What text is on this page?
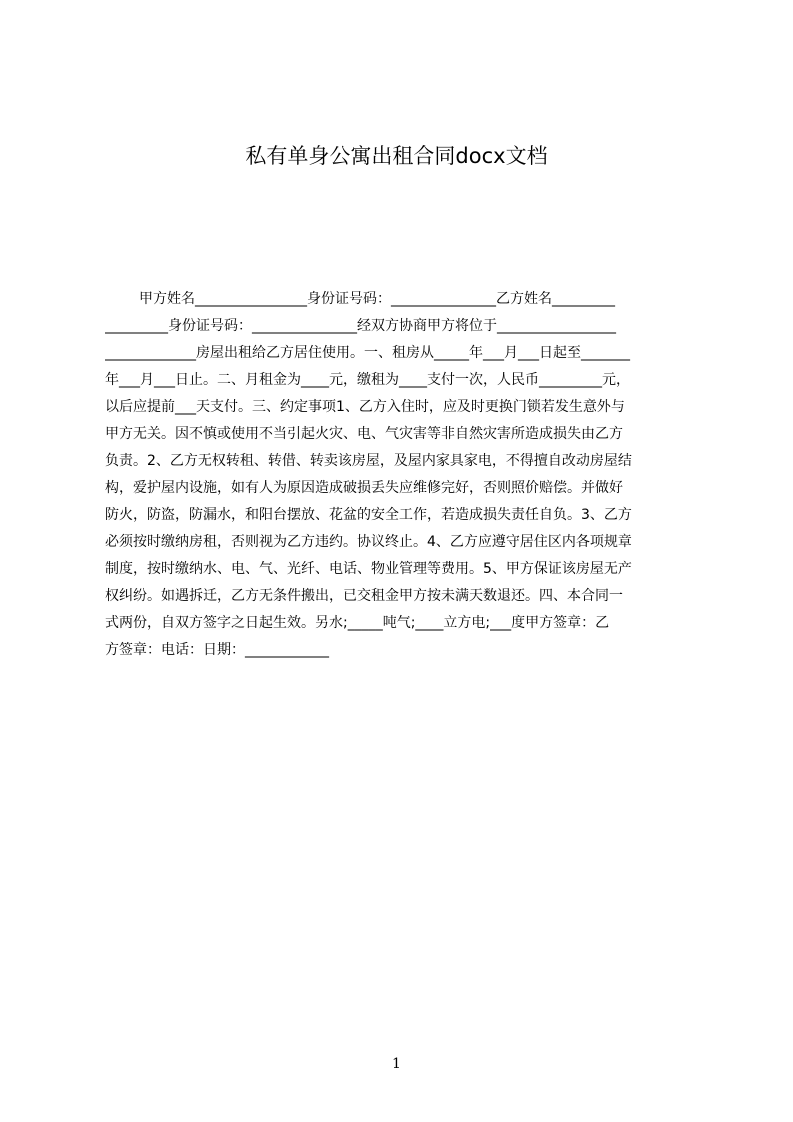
私有单身公寓出租合同docx文档
甲方姓名________________身份证号码：_______________乙方姓名_________
_________身份证号码：_______________经双方协商甲方将位于_________________
_____________房屋出租给乙方居住使用。一、租房从_____年___月___日起至_______
年___月___日止。二、月租金为____元，缴租为____支付一次，人民币_________元，
以后应提前___天支付。三、约定事项1、乙方入住时，应及时更换门锁若发生意外与
甲方无关。因不慎或使用不当引起火灾、电、气灾害等非自然灾害所造成损失由乙方
负责。2、乙方无权转租、转借、转卖该房屋，及屋内家具家电，不得擅自改动房屋结
构，爱护屋内设施，如有人为原因造成破损丢失应维修完好，否则照价赔偿。并做好
防火，防盗，防漏水，和阳台摆放、花盆的安全工作，若造成损失责任自负。3、乙方
必须按时缴纳房租，否则视为乙方违约。协议终止。4、乙方应遵守居住区内各项规章
制度，按时缴纳水、电、气、光纤、电话、物业管理等费用。5、甲方保证该房屋无产
权纠纷。如遇拆迁，乙方无条件搬出，已交租金甲方按未满天数退还。四、本合同一
式两份，自双方签字之日起生效。另水;_____吨气;____立方电;___度甲方签章：乙
方签章：电话：日期：____________

1
